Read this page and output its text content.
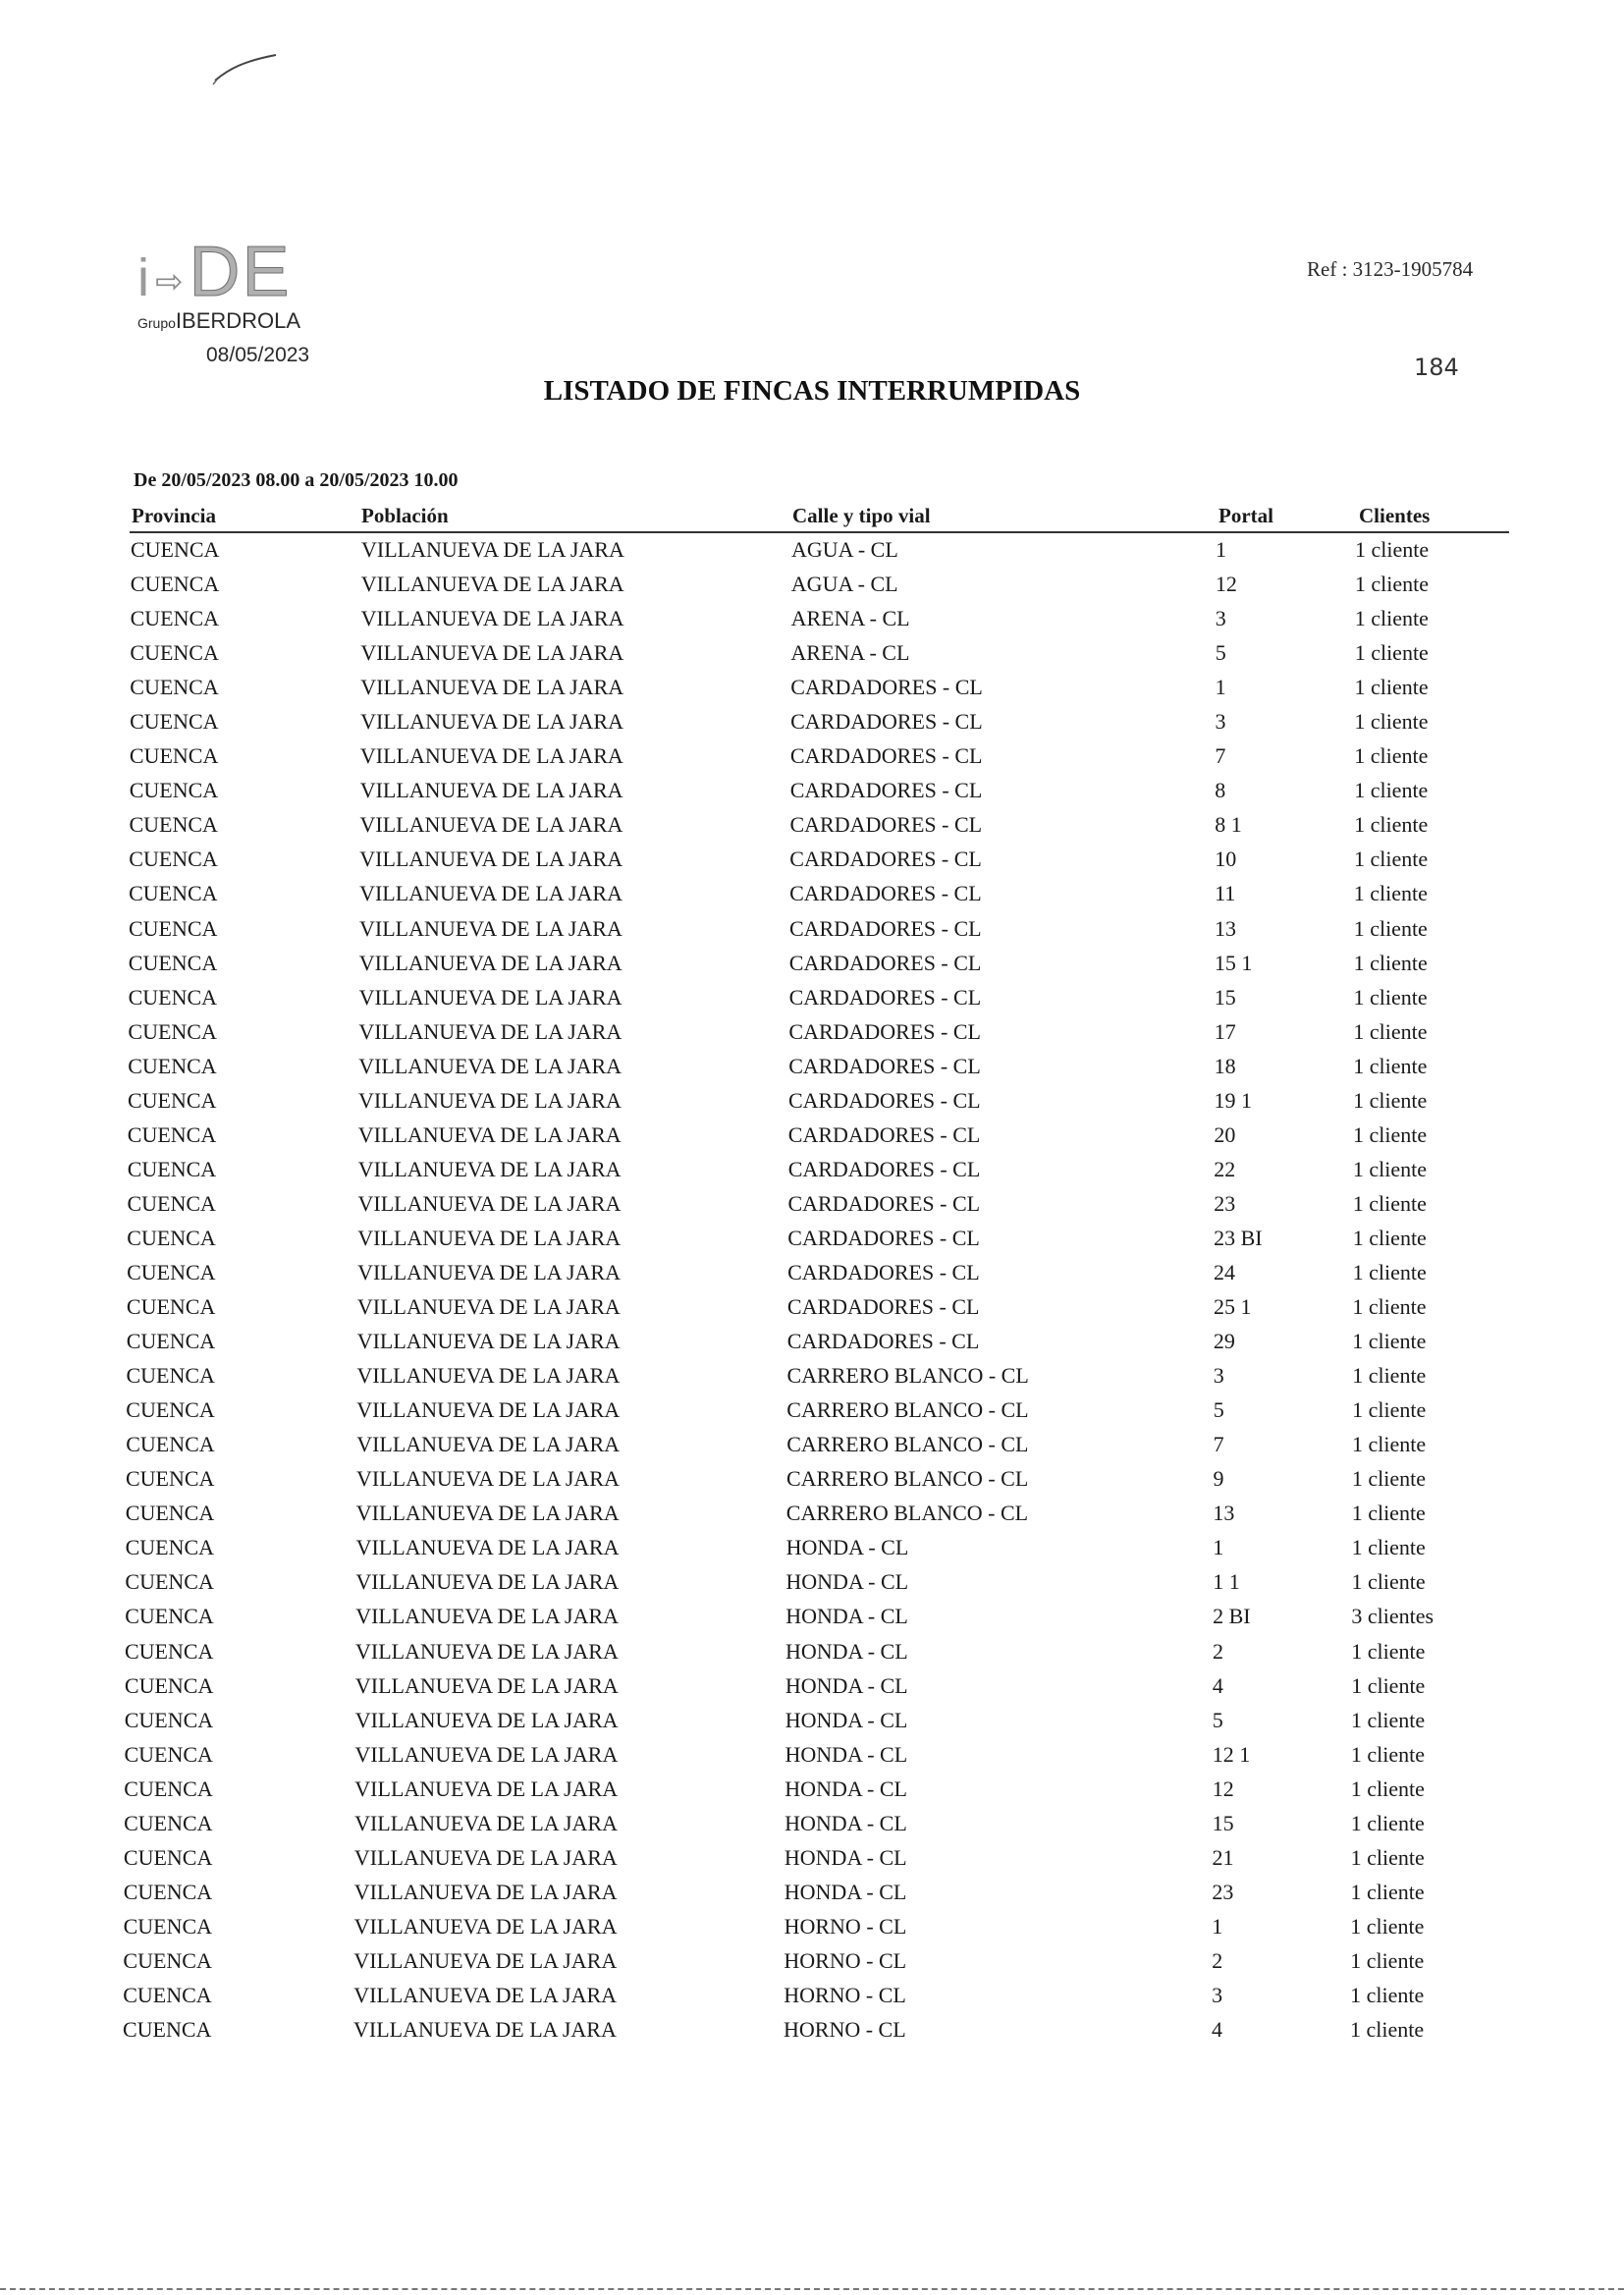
i ⇨ DE
GrupoIBERDROLA
08/05/2023
Ref : 3123-1905784
184
LISTADO DE FINCAS INTERRUMPIDAS
De 20/05/2023 08.00 a 20/05/2023 10.00
Provincia	Población	Calle y tipo vial	Portal	Clientes
CUENCA	VILLANUEVA DE LA JARA	AGUA - CL	1	1 cliente
CUENCA	VILLANUEVA DE LA JARA	AGUA - CL	12	1 cliente
CUENCA	VILLANUEVA DE LA JARA	ARENA - CL	3	1 cliente
CUENCA	VILLANUEVA DE LA JARA	ARENA - CL	5	1 cliente
CUENCA	VILLANUEVA DE LA JARA	CARDADORES - CL	1	1 cliente
CUENCA	VILLANUEVA DE LA JARA	CARDADORES - CL	3	1 cliente
CUENCA	VILLANUEVA DE LA JARA	CARDADORES - CL	7	1 cliente
CUENCA	VILLANUEVA DE LA JARA	CARDADORES - CL	8	1 cliente
CUENCA	VILLANUEVA DE LA JARA	CARDADORES - CL	8 1	1 cliente
CUENCA	VILLANUEVA DE LA JARA	CARDADORES - CL	10	1 cliente
CUENCA	VILLANUEVA DE LA JARA	CARDADORES - CL	11	1 cliente
CUENCA	VILLANUEVA DE LA JARA	CARDADORES - CL	13	1 cliente
CUENCA	VILLANUEVA DE LA JARA	CARDADORES - CL	15 1	1 cliente
CUENCA	VILLANUEVA DE LA JARA	CARDADORES - CL	15	1 cliente
CUENCA	VILLANUEVA DE LA JARA	CARDADORES - CL	17	1 cliente
CUENCA	VILLANUEVA DE LA JARA	CARDADORES - CL	18	1 cliente
CUENCA	VILLANUEVA DE LA JARA	CARDADORES - CL	19 1	1 cliente
CUENCA	VILLANUEVA DE LA JARA	CARDADORES - CL	20	1 cliente
CUENCA	VILLANUEVA DE LA JARA	CARDADORES - CL	22	1 cliente
CUENCA	VILLANUEVA DE LA JARA	CARDADORES - CL	23	1 cliente
CUENCA	VILLANUEVA DE LA JARA	CARDADORES - CL	23 BI	1 cliente
CUENCA	VILLANUEVA DE LA JARA	CARDADORES - CL	24	1 cliente
CUENCA	VILLANUEVA DE LA JARA	CARDADORES - CL	25 1	1 cliente
CUENCA	VILLANUEVA DE LA JARA	CARDADORES - CL	29	1 cliente
CUENCA	VILLANUEVA DE LA JARA	CARRERO BLANCO - CL	3	1 cliente
CUENCA	VILLANUEVA DE LA JARA	CARRERO BLANCO - CL	5	1 cliente
CUENCA	VILLANUEVA DE LA JARA	CARRERO BLANCO - CL	7	1 cliente
CUENCA	VILLANUEVA DE LA JARA	CARRERO BLANCO - CL	9	1 cliente
CUENCA	VILLANUEVA DE LA JARA	CARRERO BLANCO - CL	13	1 cliente
CUENCA	VILLANUEVA DE LA JARA	HONDA - CL	1	1 cliente
CUENCA	VILLANUEVA DE LA JARA	HONDA - CL	1 1	1 cliente
CUENCA	VILLANUEVA DE LA JARA	HONDA - CL	2 BI	3 clientes
CUENCA	VILLANUEVA DE LA JARA	HONDA - CL	2	1 cliente
CUENCA	VILLANUEVA DE LA JARA	HONDA - CL	4	1 cliente
CUENCA	VILLANUEVA DE LA JARA	HONDA - CL	5	1 cliente
CUENCA	VILLANUEVA DE LA JARA	HONDA - CL	12 1	1 cliente
CUENCA	VILLANUEVA DE LA JARA	HONDA - CL	12	1 cliente
CUENCA	VILLANUEVA DE LA JARA	HONDA - CL	15	1 cliente
CUENCA	VILLANUEVA DE LA JARA	HONDA - CL	21	1 cliente
CUENCA	VILLANUEVA DE LA JARA	HONDA - CL	23	1 cliente
CUENCA	VILLANUEVA DE LA JARA	HORNO - CL	1	1 cliente
CUENCA	VILLANUEVA DE LA JARA	HORNO - CL	2	1 cliente
CUENCA	VILLANUEVA DE LA JARA	HORNO - CL	3	1 cliente
CUENCA	VILLANUEVA DE LA JARA	HORNO - CL	4	1 cliente
